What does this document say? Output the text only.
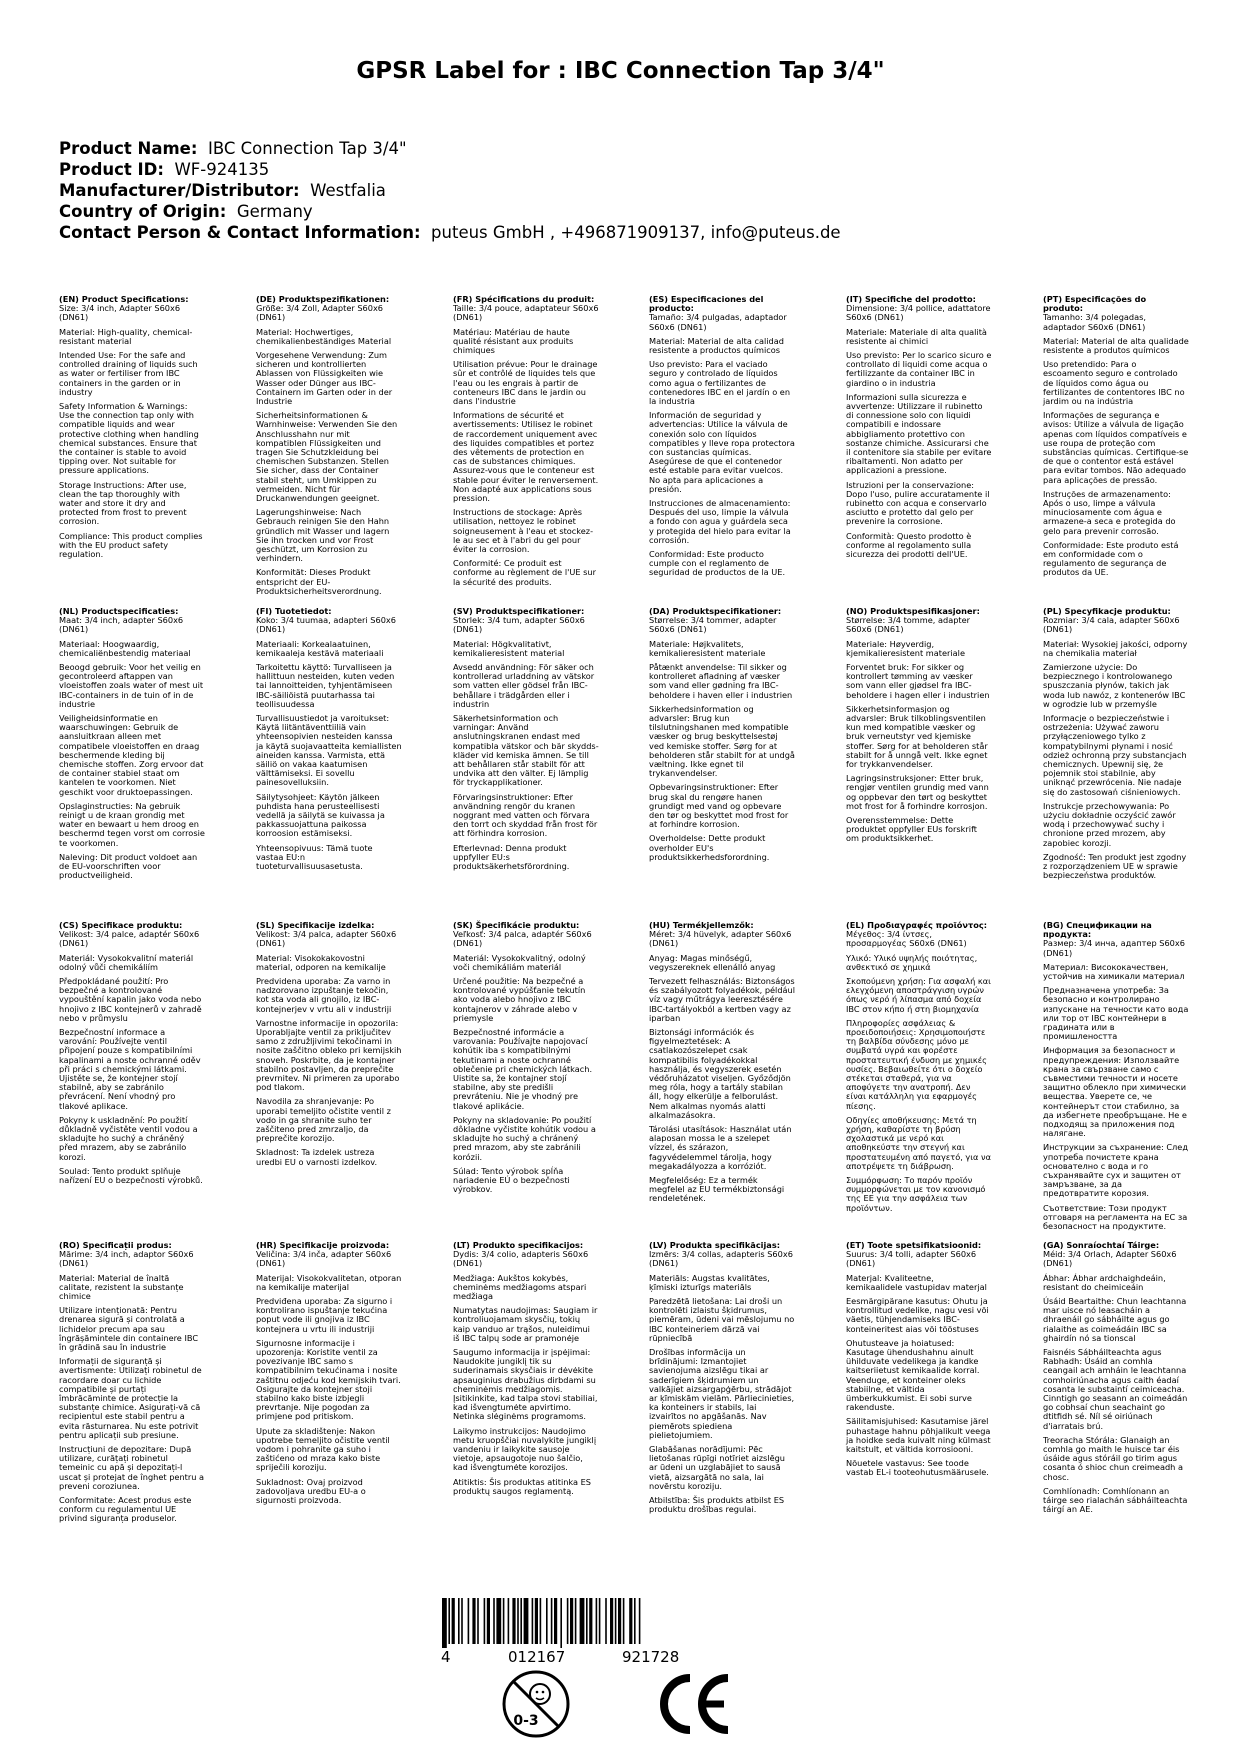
GPSR Label for : IBC Connection Tap 3/4"
Product Name: IBC Connection Tap 3/4"
Product ID: WF-924135
Manufacturer/Distributor: Westfalia
Country of Origin: Germany
Contact Person & Contact Information: puteus GmbH , +496871909137, info@puteus.de

(EN) Product Specifications:
Size: 3/4 inch, Adapter S60x6 (DN61)

Material: High-quality, chemical-resistant material

Intended Use: For the safe and controlled draining of liquids such as water or fertiliser from IBC containers in the garden or in industry

Safety Information & Warnings: Use the connection tap only with compatible liquids and wear protective clothing when handling chemical substances. Ensure that the container is stable to avoid tipping over. Not suitable for pressure applications.

Storage Instructions: After use, clean the tap thoroughly with water and store it dry and protected from frost to prevent corrosion.

Compliance: This product complies with the EU product safety regulation.

(DE) Produktspezifikationen:
Größe: 3/4 Zoll, Adapter S60x6 (DN61)

Material: Hochwertiges, chemikalienbeständiges Material

Vorgesehene Verwendung: Zum sicheren und kontrollierten Ablassen von Flüssigkeiten wie Wasser oder Dünger aus IBC-Containern im Garten oder in der Industrie

Sicherheitsinformationen & Warnhinweise: Verwenden Sie den Anschlusshahn nur mit kompatiblen Flüssigkeiten und tragen Sie Schutzkleidung bei chemischen Substanzen. Stellen Sie sicher, dass der Container stabil steht, um Umkippen zu vermeiden. Nicht für Druckanwendungen geeignet.

Lagerungshinweise: Nach Gebrauch reinigen Sie den Hahn gründlich mit Wasser und lagern Sie ihn trocken und vor Frost geschützt, um Korrosion zu verhindern.

Konformität: Dieses Produkt entspricht der EU-Produktsicherheitsverordnung.

(FR) Spécifications du produit:
Taille: 3/4 pouce, adaptateur S60x6 (DN61)

Matériau: Matériau de haute qualité résistant aux produits chimiques

Utilisation prévue: Pour le drainage sûr et contrôlé de liquides tels que l'eau ou les engrais à partir de conteneurs IBC dans le jardin ou dans l'industrie

Informations de sécurité et avertissements: Utilisez le robinet de raccordement uniquement avec des liquides compatibles et portez des vêtements de protection en cas de substances chimiques. Assurez-vous que le conteneur est stable pour éviter le renversement. Non adapté aux applications sous pression.

Instructions de stockage: Après utilisation, nettoyez le robinet soigneusement à l'eau et stockez-le au sec et à l'abri du gel pour éviter la corrosion.

Conformité: Ce produit est conforme au règlement de l'UE sur la sécurité des produits.

(ES) Especificaciones del producto:
Tamaño: 3/4 pulgadas, adaptador S60x6 (DN61)

Material: Material de alta calidad resistente a productos químicos

Uso previsto: Para el vaciado seguro y controlado de líquidos como agua o fertilizantes de contenedores IBC en el jardín o en la industria

Información de seguridad y advertencias: Utilice la válvula de conexión solo con líquidos compatibles y lleve ropa protectora con sustancias químicas. Asegúrese de que el contenedor esté estable para evitar vuelcos. No apta para aplicaciones a presión.

Instrucciones de almacenamiento: Después del uso, limpie la válvula a fondo con agua y guárdela seca y protegida del hielo para evitar la corrosión.

Conformidad: Este producto cumple con el reglamento de seguridad de productos de la UE.

(IT) Specifiche del prodotto:
Dimensione: 3/4 pollice, adattatore S60x6 (DN61)

Materiale: Materiale di alta qualità resistente ai chimici

Uso previsto: Per lo scarico sicuro e controllato di liquidi come acqua o fertilizzante da container IBC in giardino o in industria

Informazioni sulla sicurezza e avvertenze: Utilizzare il rubinetto di connessione solo con liquidi compatibili e indossare abbigliamento protettivo con sostanze chimiche. Assicurarsi che il contenitore sia stabile per evitare ribaltamenti. Non adatto per applicazioni a pressione.

Istruzioni per la conservazione: Dopo l'uso, pulire accuratamente il rubinetto con acqua e conservarlo asciutto e protetto dal gelo per prevenire la corrosione.

Conformità: Questo prodotto è conforme al regolamento sulla sicurezza dei prodotti dell'UE.

(PT) Especificações do produto:
Tamanho: 3/4 polegadas, adaptador S60x6 (DN61)

Material: Material de alta qualidade resistente a produtos químicos

Uso pretendido: Para o escoamento seguro e controlado de líquidos como água ou fertilizantes de contentores IBC no jardim ou na indústria

Informações de segurança e avisos: Utilize a válvula de ligação apenas com líquidos compatíveis e use roupa de proteção com substâncias químicas. Certifique-se de que o contentor está estável para evitar tombos. Não adequado para aplicações de pressão.

Instruções de armazenamento: Após o uso, limpe a válvula minuciosamente com água e armazene-a seca e protegida do gelo para prevenir corrosão.

Conformidade: Este produto está em conformidade com o regulamento de segurança de produtos da UE.

(NL) Productspecificaties:
Maat: 3/4 inch, adapter S60x6 (DN61)

Materiaal: Hoogwaardig, chemicaliënbestendig materiaal

Beoogd gebruik: Voor het veilig en gecontroleerd aftappen van vloeistoffen zoals water of mest uit IBC-containers in de tuin of in de industrie

Veiligheidsinformatie en waarschuwingen: Gebruik de aansluitkraan alleen met compatibele vloeistoffen en draag beschermende kleding bij chemische stoffen. Zorg ervoor dat de container stabiel staat om kantelen te voorkomen. Niet geschikt voor druktoepassingen.

Opslaginstructies: Na gebruik reinigt u de kraan grondig met water en bewaart u hem droog en beschermd tegen vorst om corrosie te voorkomen.

Naleving: Dit product voldoet aan de EU-voorschriften voor productveiligheid.

(FI) Tuotetiedot:
Koko: 3/4 tuumaa, adapteri S60x6 (DN61)

Materiaali: Korkealaatuinen, kemikaaleja kestävä materiaali

Tarkoitettu käyttö: Turvalliseen ja hallittuun nesteiden, kuten veden tai lannoitteiden, tyhjentämiseen IBC-säiliöistä puutarhassa tai teollisuudessa

Turvallisuustiedot ja varoitukset: Käytä liitäntäventtiiliä vain yhteensopivien nesteiden kanssa ja käytä suojavaatteita kemiallisten aineiden kanssa. Varmista, että säiliö on vakaa kaatumisen välttämiseksi. Ei sovellu painesovelluksiin.

Säilytysohjeet: Käytön jälkeen puhdista hana perusteellisesti vedellä ja säilytä se kuivassa ja pakkassuojattuna paikossa korroosion estämiseksi.

Yhteensopivuus: Tämä tuote vastaa EU:n tuoteturvallisuusasetusta.

(SV) Produktspecifikationer:
Storlek: 3/4 tum, adapter S60x6 (DN61)

Material: Högkvalitativt, kemikalieresistent material

Avsedd användning: För säker och kontrollerad urladdning av vätskor som vatten eller gödsel från IBC-behållare i trädgården eller i industrin

Säkerhetsinformation och varningar: Använd anslutningskranen endast med kompatibla vätskor och bär skydds-kläder vid kemiska ämnen. Se till att behållaren står stabilt för att undvika att den välter. Ej lämplig för tryckapplikationer.

Förvaringsinstruktioner: Efter användning rengör du kranen noggrant med vatten och förvara den torrt och skyddad från frost för att förhindra korrosion.

Efterlevnad: Denna produkt uppfyller EU:s produktsäkerhetsförordning.

(DA) Produktspecifikationer:
Størrelse: 3/4 tommer, adapter S60x6 (DN61)

Materiale: Højkvalitets, kemikalieresistent materiale

Påtænkt anvendelse: Til sikker og kontrolleret afladning af væsker som vand eller gødning fra IBC-beholdere i haven eller i industrien

Sikkerhedsinformation og advarsler: Brug kun tilslutningshanen med kompatible væsker og brug beskyttelsestøj ved kemiske stoffer. Sørg for at beholderen står stabilt for at undgå væltning. Ikke egnet til trykanvendelser.

Opbevaringsinstruktioner: Efter brug skal du rengøre hanen grundigt med vand og opbevare den tør og beskyttet mod frost for at forhindre korrosion.

Overholdelse: Dette produkt overholder EU's produktsikkerhedsforordning.

(NO) Produktspesifikasjoner:
Størrelse: 3/4 tomme, adapter S60x6 (DN61)

Materiale: Høyverdig, kjemikalieresistent materiale

Forventet bruk: For sikker og kontrollert tømming av væsker som vann eller gjødsel fra IBC-beholdere i hagen eller i industrien

Sikkerhetsinformasjon og advarsler: Bruk tilkoblingsventilen kun med kompatible væsker og bruk verneutstyr ved kjemiske stoffer. Sørg for at beholderen står stabilt for å unngå velt. Ikke egnet for trykkanvendelser.

Lagringsinstruksjoner: Etter bruk, rengjør ventilen grundig med vann og oppbevar den tørt og beskyttet mot frost for å forhindre korrosjon.

Overensstemmelse: Dette produktet oppfyller EUs forskrift om produktsikkerhet.

(PL) Specyfikacje produktu:
Rozmiar: 3/4 cala, adapter S60x6 (DN61)

Materiał: Wysokiej jakości, odporny na chemikalia materiał

Zamierzone użycie: Do bezpiecznego i kontrolowanego spuszczania płynów, takich jak woda lub nawóz, z kontenerów IBC w ogrodzie lub w przemyśle

Informacje o bezpieczeństwie i ostrzeżenia: Używać zaworu przyłączeniowego tylko z kompatybilnymi płynami i nosić odzież ochronną przy substancjach chemicznych. Upewnij się, że pojemnik stoi stabilnie, aby uniknąć przewrócenia. Nie nadaje się do zastosowań ciśnieniowych.

Instrukcje przechowywania: Po użyciu dokładnie oczyścić zawór wodą i przechowywać suchy i chronione przed mrozem, aby zapobiec korozji.

Zgodność: Ten produkt jest zgodny z rozporządzeniem UE w sprawie bezpieczeństwa produktów.

(CS) Specifikace produktu:
Velikost: 3/4 palce, adaptér S60x6 (DN61)

Materiál: Vysokokvalitní materiál odolný vůči chemikáliím

Předpokládané použití: Pro bezpečné a kontrolované vypouštění kapalin jako voda nebo hnojivo z IBC kontejnerů v zahradě nebo v průmyslu

Bezpečnostní informace a varování: Používejte ventil připojení pouze s kompatibilními kapalinami a noste ochranné oděv při práci s chemickými látkami. Ujistěte se, že kontejner stojí stabilně, aby se zabránilo převrácení. Není vhodný pro tlakové aplikace.

Pokyny k uskladnění: Po použití důkladně vyčistěte ventil vodou a skladujte ho suchý a chráněný před mrazem, aby se zabránilo korozi.

Soulad: Tento produkt splňuje nařízení EU o bezpečnosti výrobků.

(SL) Specifikacije izdelka:
Velikost: 3/4 palca, adapter S60x6 (DN61)

Material: Visokokakovostni material, odporen na kemikalije

Predvidena uporaba: Za varno in nadzorovano izpuštanje tekočin, kot sta voda ali gnojilo, iz IBC-kontejnerjev v vrtu ali v industriji

Varnostne informacije in opozorila: Uporabljajte ventil za priključitev samo z združljivimi tekočinami in nosite zaščitno obleko pri kemijskih snoveh. Poskrbite, da je kontajner stabilno postavljen, da preprečite prevrnitev. Ni primeren za uporabo pod tlakom.

Navodila za shranjevanje: Po uporabi temeljito očistite ventil z vodo in ga shranite suho ter zaščiteno pred zmrzaljo, da preprečite korozijo.

Skladnost: Ta izdelek ustreza uredbi EU o varnosti izdelkov.

(SK) Špecifikácie produktu:
Veľkosť: 3/4 palca, adaptér S60x6 (DN61)

Materiál: Vysokokvalitný, odolný voči chemikáliám materiál

Určené použitie: Na bezpečné a kontrolované vypúšťanie tekutín ako voda alebo hnojivo z IBC kontajnerov v záhrade alebo v priemysle

Bezpečnostné informácie a varovania: Používajte napojovací kohútik iba s kompatibilnými tekutinami a noste ochranné oblečenie pri chemických látkach. Uistite sa, že kontajner stojí stabilne, aby ste predišli prevráteniu. Nie je vhodný pre tlakové aplikácie.

Pokyny na skladovanie: Po použití dôkladne vyčistite kohútik vodou a skladujte ho suchý a chránený pred mrazom, aby ste zabránili korózii.

Súlad: Tento výrobok spĺňa nariadenie EÚ o bezpečnosti výrobkov.

(HU) Termékjellemzők:
Méret: 3/4 hüvelyk, adapter S60x6 (DN61)

Anyag: Magas minőségű, vegyszereknek ellenálló anyag

Tervezett felhasználás: Biztonságos és szabályozott folyadékok, például víz vagy műtrágya leeresztésére IBC-tartályokból a kertben vagy az iparban

Biztonsági információk és figyelmeztetések: A csatlakozószelepet csak kompatibilis folyadékokkal használja, és vegyszerek esetén védőruházatot viseljen. Győződjön meg róla, hogy a tartály stabilan áll, hogy elkerülje a felborulást. Nem alkalmas nyomás alatti alkalmazásokra.

Tárolási utasítások: Használat után alaposan mossa le a szelepet vízzel, és szárazon, fagyvédelemmel tárolja, hogy megakadályozza a korróziót.

Megfelelőség: Ez a termék megfelel az EU termékbiztonsági rendeletének.

(EL) Προδιαγραφές προϊόντος:
Μέγεθος: 3/4 ίντσες, προσαρμογέας S60x6 (DN61)

Υλικό: Υλικό υψηλής ποιότητας, ανθεκτικό σε χημικά

Σκοπούμενη χρήση: Για ασφαλή και ελεγχόμενη αποστράγγιση υγρών όπως νερό ή λίπασμα από δοχεία IBC στον κήπο ή στη βιομηχανία

Πληροφορίες ασφάλειας & προειδοποιήσεις: Χρησιμοποιήστε τη βαλβίδα σύνδεσης μόνο με συμβατά υγρά και φορέστε προστατευτική ένδυση με χημικές ουσίες. Βεβαιωθείτε ότι ο δοχείο στέκεται σταθερά, για να αποφύγετε την ανατροπή. Δεν είναι κατάλληλη για εφαρμογές πίεσης.

Οδηγίες αποθήκευσης: Μετά τη χρήση, καθαρίστε τη βρύση σχολαστικά με νερό και αποθηκεύστε την στεγνή και προστατευμένη από παγετό, για να αποτρέψετε τη διάβρωση.

Συμμόρφωση: Το παρόν προϊόν συμμορφώνεται με τον κανονισμό της ΕΕ για την ασφάλεια των προϊόντων.

(BG) Спецификации на продукта:
Размер: 3/4 инча, адаптер S60x6 (DN61)

Материал: Висококачествен, устойчив на химикали материал

Предназначена употреба: За безопасно и контролирано изпускане на течности като вода или тор от IBC контейнери в градината или в промишлеността

Информация за безопасност и предупреждения: Използвайте крана за свързване само с съвместими течности и носете защитно облекло при химически вещества. Уверете се, че контейнерът стои стабилно, за да избегнете преобръщане. Не е подходящ за приложения под налягане.

Инструкции за съхранение: След употреба почистете крана основателно с вода и го съхранявайте сух и защитен от замръзване, за да предотвратите корозия.

Съответствие: Този продукт отговаря на регламента на ЕС за безопасност на продуктите.

(RO) Specificații produs:
Mărime: 3/4 inch, adaptor S60x6 (DN61)

Material: Material de înaltă calitate, rezistent la substanțe chimice

Utilizare intenționată: Pentru drenarea sigură și controlată a lichidelor precum apa sau îngrășămintele din containere IBC în grădină sau în industrie

Informații de siguranță și avertismente: Utilizați robinetul de racordare doar cu lichide compatibile și purtați îmbrăcăminte de protecție la substanțe chimice. Asigurați-vă că recipientul este stabil pentru a evita răsturnarea. Nu este potrivit pentru aplicații sub presiune.

Instrucțiuni de depozitare: După utilizare, curățați robinetul temeinic cu apă și depozitați-l uscat și protejat de înghet pentru a preveni coroziunea.

Conformitate: Acest produs este conform cu regulamentul UE privind siguranța produselor.

(HR) Specifikacije proizvoda:
Veličina: 3/4 inča, adapter S60x6 (DN61)

Materijal: Visokokvalitetan, otporan na kemikalije materijal

Predviđena uporaba: Za sigurno i kontrolirano ispuštanje tekućina poput vode ili gnojiva iz IBC kontejnera u vrtu ili industriji

Sigurnosne informacije i upozorenja: Koristite ventil za povezivanje IBC samo s kompatibilnim tekućinama i nosite zaštitnu odjeću kod kemijskih tvari. Osigurajte da kontejner stoji stabilno kako biste izbjegli prevrtanje. Nije pogodan za primjene pod pritiskom.

Upute za skladištenje: Nakon upotrebe temeljito očistite ventil vodom i pohranite ga suho i zaštićeno od mraza kako biste spriječili koroziju.

Sukladnost: Ovaj proizvod zadovoljava uredbu EU-a o sigurnosti proizvoda.

(LT) Produkto specifikacijos:
Dydis: 3/4 colio, adapteris S60x6 (DN61)

Medžiaga: Aukštos kokybės, cheminėms medžiagoms atspari medžiaga

Numatytas naudojimas: Saugiam ir kontroliuojamam skysčių, tokių kaip vanduo ar trąšos, nuleidimui iš IBC talpų sode ar pramonėje

Saugumo informacija ir įspėjimai: Naudokite jungiklį tik su suderinamais skysčiais ir dėvėkite apsauginius drabužius dirbdami su cheminėmis medžiagomis. Įsitikinkite, kad talpa stovi stabiliai, kad išvengtumėte apvirtimo. Netinka slėginėms programoms.

Laikymo instrukcijos: Naudojimo metu kruopščiai nuvalykite jungiklį vandeniu ir laikykite sausoje vietoje, apsaugotoje nuo šalčio, kad išvengtumėte korozijos.

Atitiktis: Šis produktas atitinka ES produktų saugos reglamentą.

(LV) Produkta specifikācijas:
Izmērs: 3/4 collas, adapteris S60x6 (DN61)

Materiāls: Augstas kvalitātes, ķīmiski izturīgs materiāls

Paredzētā lietošana: Lai droši un kontrolēti izlaistu šķidrumus, piemēram, ūdeni vai mēslojumu no IBC konteineriem dārzā vai rūpniecībā

Drošības informācija un brīdinājumi: Izmantojiet savienojuma aizslēgu tikai ar saderīgiem šķidrumiem un valkājiet aizsargapģērbu, strādājot ar ķīmiskām vielām. Pārliecinieties, ka konteiners ir stabils, lai izvairītos no apgāšanās. Nav piemērots spiediena pielietojumiem.

Glabāšanas norādījumi: Pēc lietošanas rūpīgi notīriet aizslēgu ar ūdeni un uzglabājiet to sausā vietā, aizsargātā no sala, lai novērstu koroziju.

Atbilstība: Šis produkts atbilst ES produktu drošības regulai.

(ET) Toote spetsifikatsioonid:
Suurus: 3/4 tolli, adapter S60x6 (DN61)

Materjal: Kvaliteetne, kemikaalidele vastupidav materjal

Eesmärgipärane kasutus: Ohutu ja kontrollitud vedelike, nagu vesi või väetis, tühjendamiseks IBC-konteineritest aias või tööstuses

Ohutusteave ja hoiatused: Kasutage ühendushahnu ainult ühilduvate vedelikega ja kandke kaitseriietust kemikaalide korral. Veenduge, et konteiner oleks stabiilne, et vältida ümberkukkumist. Ei sobi surve rakenduste.

Säilitamisjuhised: Kasutamise järel puhastage hahnu põhjalikult veega ja hoidke seda kuivalt ning külmast kaitstult, et vältida korrosiooni.

Nõuetele vastavus: See toode vastab EL-i tooteohutusmäärusele.

(GA) Sonraíochtaí Táirge:
Méid: 3/4 Orlach, Adapter S60x6 (DN61)

Ábhar: Ábhar ardchaighdeáin, resistant do cheimiceáin

Úsáid Beartaithe: Chun leachtanna mar uisce nó leasacháin a dhraenáil go sábháilte agus go rialaithe as coimeádáin IBC sa ghairdín nó sa tionscal

Faisnéis Sábháilteachta agus Rabhadh: Úsáid an comhla ceangail ach amháin le leachtanna comhoiriúnacha agus caith éadaí cosanta le substaintí ceimiceacha. Cinntigh go seasann an coimeádán go cobhsaí chun seachaint go dtitfidh sé. Níl sé oiriúnach d'iarratais brú.

Treoracha Stórála: Glanaigh an comhla go maith le huisce tar éis úsáide agus stóráil go tirim agus cosanta ó shioc chun creimeadh a chosc.

Comhlíonadh: Comhlíonann an táirge seo rialachán sábháilteachta táirgí an AE.

4	012167	921728
0-3
